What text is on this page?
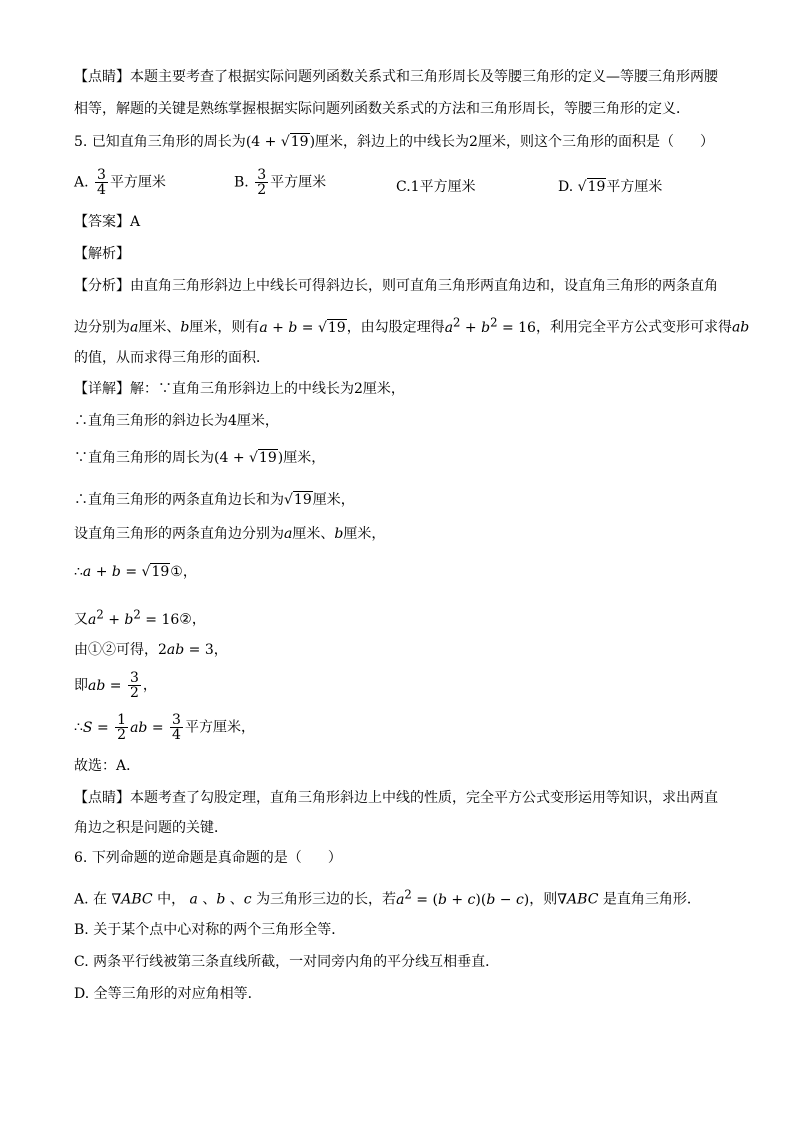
【点睛】本题主要考查了根据实际问题列函数关系式和三角形周长及等腰三角形的定义—等腰三角形两腰
相等，解题的关键是熟练掌握根据实际问题列函数关系式的方法和三角形周长，等腰三角形的定义．
5. 已知直角三角形的周长为(4 + √19)厘米，斜边上的中线长为2厘米，则这个三角形的面积是（ ）
A. $\frac{3}{4}$ 平方厘米	B. $\frac{3}{2}$ 平方厘米	C.1平方厘米	D. √19平方厘米
【答案】A
【解析】
【分析】由直角三角形斜边上中线长可得斜边长，则可直角三角形两直角边和，设直角三角形的两条直角
边分别为a厘米、b厘米，则有a + b = √19，由勾股定理得$a^2 + b^2 = 16$，利用完全平方公式变形可求得ab
的值，从而求得三角形的面积．
【详解】解：∵直角三角形斜边上的中线长为2厘米，
∴直角三角形的斜边长为4厘米，
∵直角三角形的周长为(4 + √19)厘米，
∴直角三角形的两条直角边长和为√19厘米，
设直角三角形的两条直角边分别为a厘米、b厘米，
∴a + b = √19①，
又$a^2 + b^2$ = 16②，
由①②可得，2ab = 3，
即ab = $\frac{3}{2}$ ，
∴S = $\frac{1}{2}$ ab = $\frac{3}{4}$ 平方厘米，
故选：A．
【点睛】本题考查了勾股定理，直角三角形斜边上中线的性质，完全平方公式变形运用等知识，求出两直
角边之积是问题的关键．
6. 下列命题的逆命题是真命题的是（ ）
A. 在 ∇ABC 中， a 、b 、c 为三角形三边的长，若$a^2 = (b + c)(b - c)$，则∇ABC 是直角三角形．
B. 关于某个点中心对称的两个三角形全等．
C. 两条平行线被第三条直线所截，一对同旁内角的平分线互相垂直．
D. 全等三角形的对应角相等．
